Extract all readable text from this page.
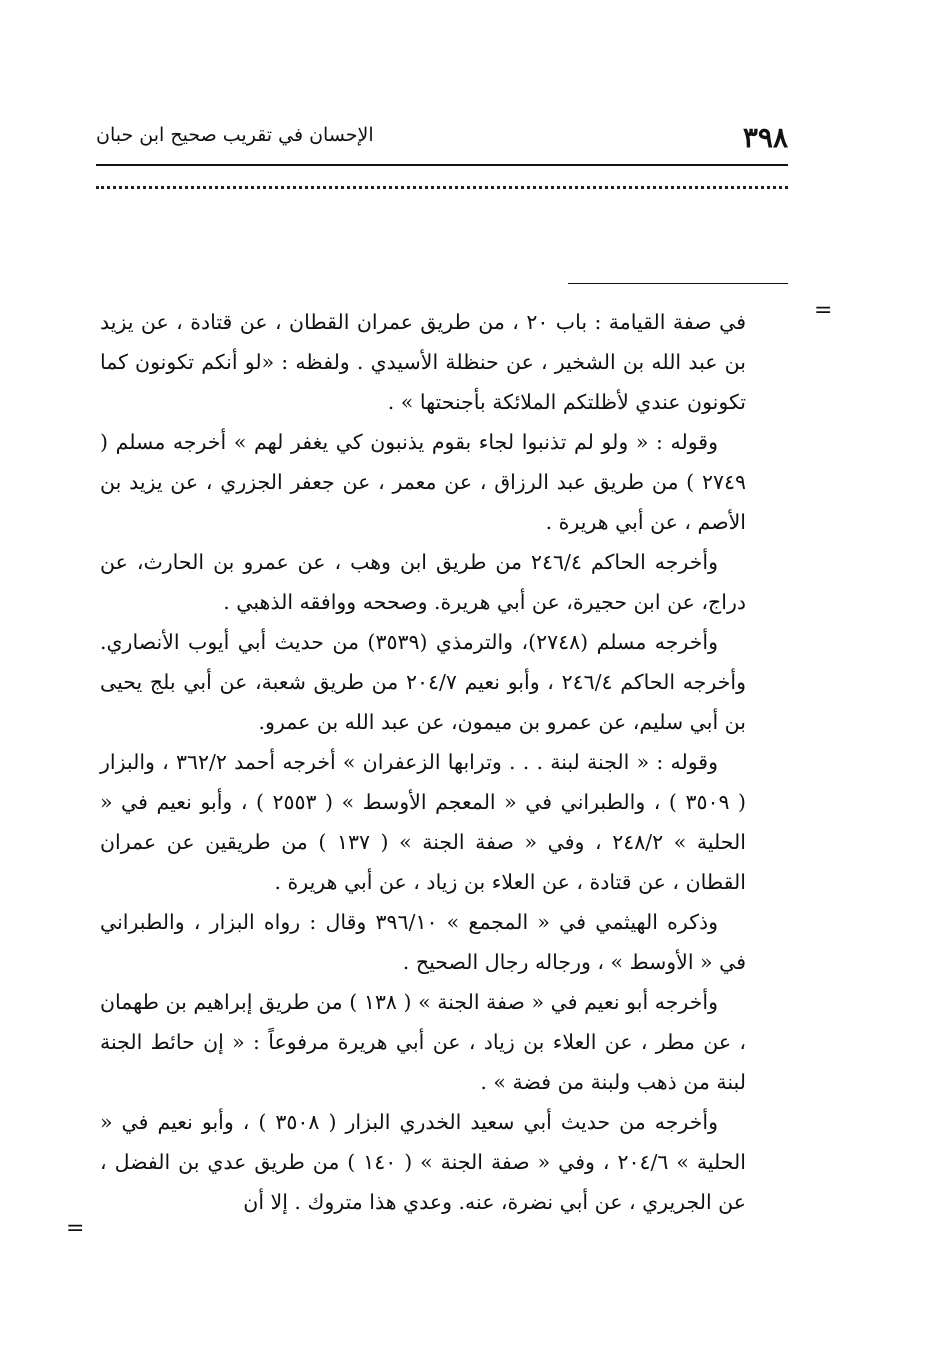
٣٩٨
الإحسان في تقريب صحيح ابن حبان
=
=

في صفة القيامة : باب ٢٠ ، من طريق عمران القطان ، عن قتادة ، عن يزيد بن عبد الله بن الشخير ، عن حنظلة الأسيدي . ولفظه : «لو أنكم تكونون كما تكونون عندي لأظلتكم الملائكة بأجنحتها » .

وقوله : « ولو لم تذنبوا لجاء بقوم يذنبون كي يغفر لهم » أخرجه مسلم ( ٢٧٤٩ ) من طريق عبد الرزاق ، عن معمر ، عن جعفر الجزري ، عن يزيد بن الأصم ، عن أبي هريرة .

وأخرجه الحاكم ٢٤٦/٤ من طريق ابن وهب ، عن عمرو بن الحارث، عن دراج، عن ابن حجيرة، عن أبي هريرة. وصححه ووافقه الذهبي .

وأخرجه مسلم (٢٧٤٨)، والترمذي (٣٥٣٩) من حديث أبي أيوب الأنصاري. وأخرجه الحاكم ٢٤٦/٤ ، وأبو نعيم ٢٠٤/٧ من طريق شعبة، عن أبي بلج يحيى بن أبي سليم، عن عمرو بن ميمون، عن عبد الله بن عمرو.

وقوله : « الجنة لبنة . . . وترابها الزعفران » أخرجه أحمد ٣٦٢/٢ ، والبزار ( ٣٥٠٩ ) ، والطبراني في « المعجم الأوسط » ( ٢٥٥٣ ) ، وأبو نعيم في « الحلية » ٢٤٨/٢ ، وفي « صفة الجنة » ( ١٣٧ ) من طريقين عن عمران القطان ، عن قتادة ، عن العلاء بن زياد ، عن أبي هريرة .

وذكره الهيثمي في « المجمع » ٣٩٦/١٠ وقال : رواه البزار ، والطبراني في « الأوسط » ، ورجاله رجال الصحيح .

وأخرجه أبو نعيم في « صفة الجنة » ( ١٣٨ ) من طريق إبراهيم بن طهمان ، عن مطر ، عن العلاء بن زياد ، عن أبي هريرة مرفوعاً : « إن حائط الجنة لبنة من ذهب ولبنة من فضة » .

وأخرجه من حديث أبي سعيد الخدري البزار ( ٣٥٠٨ ) ، وأبو نعيم في « الحلية » ٢٠٤/٦ ، وفي « صفة الجنة » ( ١٤٠ ) من طريق عدي بن الفضل ، عن الجريري ، عن أبي نضرة، عنه. وعدي هذا متروك . إلا أن
